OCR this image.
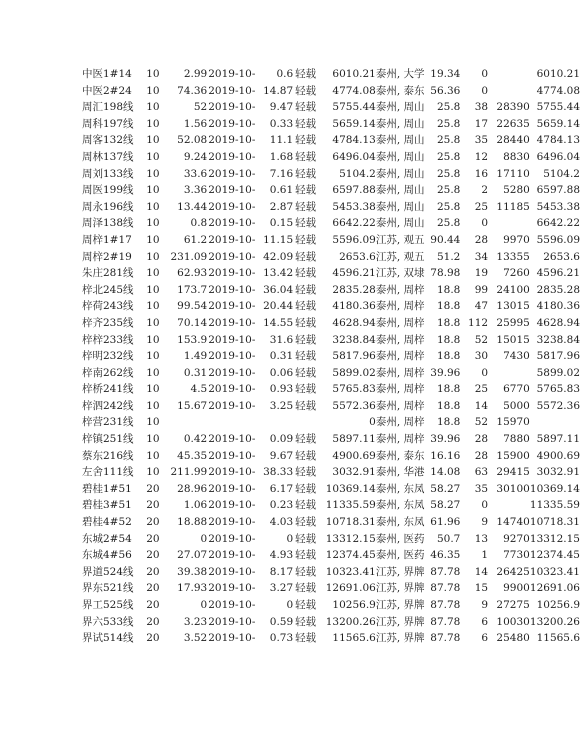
中医1#14	10	2.99	2019-10-	0.6	轻载	6010.21	泰州, 大学	19.34	0		6010.21
中医2#24	10	74.36	2019-10-	14.87	轻载	4774.08	泰州, 泰东	56.36	0		4774.08
周汇198线	10	52	2019-10-	9.47	轻载	5755.44	泰州, 周山	25.8	38	28390	5755.44
周科197线	10	1.56	2019-10-	0.33	轻载	5659.14	泰州, 周山	25.8	17	22635	5659.14
周客132线	10	52.08	2019-10-	11.1	轻载	4784.13	泰州, 周山	25.8	35	28440	4784.13
周林137线	10	9.24	2019-10-	1.68	轻载	6496.04	泰州, 周山	25.8	12	8830	6496.04
周刘133线	10	33.6	2019-10-	7.16	轻载	5104.2	泰州, 周山	25.8	16	17110	5104.2
周医199线	10	3.36	2019-10-	0.61	轻载	6597.88	泰州, 周山	25.8	2	5280	6597.88
周永196线	10	13.44	2019-10-	2.87	轻载	5453.38	泰州, 周山	25.8	25	11185	5453.38
周泽138线	10	0.8	2019-10-	0.15	轻载	6642.22	泰州, 周山	25.8	0		6642.22
周梓1#17	10	61.2	2019-10-	11.15	轻载	5596.09	江苏, 观五	90.44	28	9970	5596.09
周梓2#19	10	231.09	2019-10-	42.09	轻载	2653.6	江苏, 观五	51.2	34	13355	2653.6
朱庄281线	10	62.93	2019-10-	13.42	轻载	4596.21	江苏, 双埭	78.98	19	7260	4596.21
梓北245线	10	173.7	2019-10-	36.04	轻载	2835.28	泰州, 周梓	18.8	99	24100	2835.28
梓荷243线	10	99.54	2019-10-	20.44	轻载	4180.36	泰州, 周梓	18.8	47	13015	4180.36
梓齐235线	10	70.14	2019-10-	14.55	轻载	4628.94	泰州, 周梓	18.8	112	25995	4628.94
梓梓233线	10	153.9	2019-10-	31.6	轻载	3238.84	泰州, 周梓	18.8	52	15015	3238.84
梓明232线	10	1.49	2019-10-	0.31	轻载	5817.96	泰州, 周梓	18.8	30	7430	5817.96
梓南262线	10	0.31	2019-10-	0.06	轻载	5899.02	泰州, 周梓	39.96	0		5899.02
梓桥241线	10	4.5	2019-10-	0.93	轻载	5765.83	泰州, 周梓	18.8	25	6770	5765.83
梓泗242线	10	15.67	2019-10-	3.25	轻载	5572.36	泰州, 周梓	18.8	14	5000	5572.36
梓营231线	10					0	泰州, 周梓	18.8	52	15970	
梓镇251线	10	0.42	2019-10-	0.09	轻载	5897.11	泰州, 周梓	39.96	28	7880	5897.11
蔡东216线	10	45.35	2019-10-	9.67	轻载	4900.69	泰州, 泰东	16.16	28	15900	4900.69
左舍111线	10	211.99	2019-10-	38.33	轻载	3032.91	泰州, 华港	14.08	63	29415	3032.91
碧桂1#51	20	28.96	2019-10-	6.17	轻载	10369.14	泰州, 东凤	58.27	35	30100	10369.14
碧桂3#51	20	1.06	2019-10-	0.23	轻载	11335.59	泰州, 东凤	58.27	0		11335.59
碧桂4#52	20	18.88	2019-10-	4.03	轻载	10718.31	泰州, 东凤	61.96	9	14740	10718.31
东城2#54	20	0	2019-10-	0	轻载	13312.15	泰州, 医药	50.7	13	9270	13312.15
东城4#56	20	27.07	2019-10-	4.93	轻载	12374.45	泰州, 医药	46.35	1	7730	12374.45
界道524线	20	39.38	2019-10-	8.17	轻载	10323.41	江苏, 界牌	87.78	14	26425	10323.41
界东521线	20	17.93	2019-10-	3.27	轻载	12691.06	江苏, 界牌	87.78	15	9900	12691.06
界工525线	20	0	2019-10-	0	轻载	10256.9	江苏, 界牌	87.78	9	27275	10256.9
界六533线	20	3.23	2019-10-	0.59	轻载	13200.26	江苏, 界牌	87.78	6	10030	13200.26
界试514线	20	3.52	2019-10-	0.73	轻载	11565.6	江苏, 界牌	87.78	6	25480	11565.6
